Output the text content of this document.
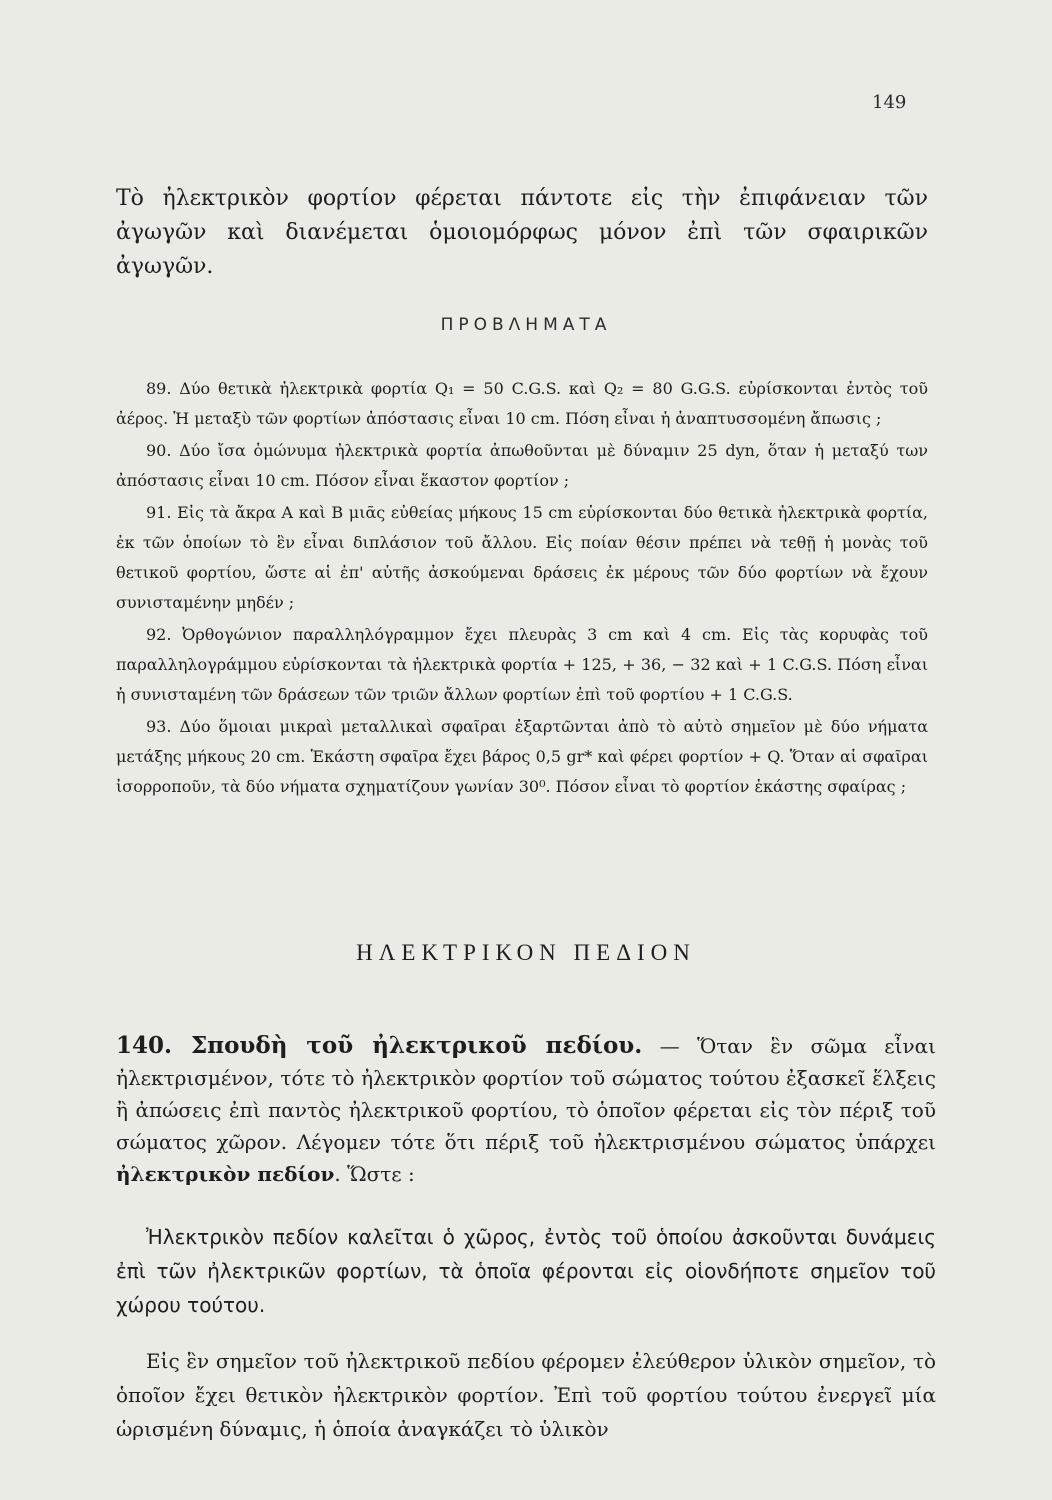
149

Τὸ ἠλεκτρικὸν φορτίον φέρεται πάντοτε εἰς τὴν ἐπιφάνειαν τῶν ἀγωγῶν καὶ διανέμεται ὁμοιομόρφως μόνον ἐπὶ τῶν σφαιρικῶν ἀγωγῶν.

ΠΡΟΒΛΗΜΑΤΑ

89. Δύο θετικὰ ἠλεκτρικὰ φορτία Q₁ = 50 C.G.S. καὶ Q₂ = 80 G.G.S. εὑρίσκονται ἐντὸς τοῦ ἀέρος. Ἡ μεταξὺ τῶν φορτίων ἀπόστασις εἶναι 10 cm. Πόση εἶναι ἡ ἀναπτυσσομένη ἄπωσις ;

90. Δύο ἴσα ὁμώνυμα ἠλεκτρικὰ φορτία ἀπωθοῦνται μὲ δύναμιν 25 dyn, ὅταν ἡ μεταξύ των ἀπόστασις εἶναι 10 cm. Πόσον εἶναι ἕκαστον φορτίον ;

91. Εἰς τὰ ἄκρα Α καὶ Β μιᾶς εὐθείας μήκους 15 cm εὑρίσκονται δύο θετικὰ ἠλεκτρικὰ φορτία, ἐκ τῶν ὁποίων τὸ ἓν εἶναι διπλάσιον τοῦ ἄλλου. Εἰς ποίαν θέσιν πρέπει νὰ τεθῇ ἡ μονὰς τοῦ θετικοῦ φορτίου, ὥστε αἱ ἐπ' αὐτῆς ἀσκούμεναι δράσεις ἐκ μέρους τῶν δύο φορτίων νὰ ἔχουν συνισταμένην μηδέν ;

92. Ὀρθογώνιον παραλληλόγραμμον ἔχει πλευρὰς 3 cm καὶ 4 cm. Εἰς τὰς κορυφὰς τοῦ παραλληλογράμμου εὑρίσκονται τὰ ἠλεκτρικὰ φορτία + 125, + 36, − 32 καὶ + 1 C.G.S. Πόση εἶναι ἡ συνισταμένη τῶν δράσεων τῶν τριῶν ἄλλων φορτίων ἐπὶ τοῦ φορτίου + 1 C.G.S.

93. Δύο ὅμοιαι μικραὶ μεταλλικαὶ σφαῖραι ἐξαρτῶνται ἀπὸ τὸ αὐτὸ σημεῖον μὲ δύο νήματα μετάξης μήκους 20 cm. Ἑκάστη σφαῖρα ἔχει βάρος 0,5 gr* καὶ φέρει φορτίον + Q. Ὅταν αἱ σφαῖραι ἰσορροποῦν, τὰ δύο νήματα σχηματίζουν γωνίαν 30⁰. Πόσον εἶναι τὸ φορτίον ἑκάστης σφαίρας ;

ΗΛΕΚΤΡΙΚΟΝ ΠΕΔΙΟΝ

140. Σπουδὴ τοῦ ἠλεκτρικοῦ πεδίου. — Ὅταν ἓν σῶμα εἶναι ἠλεκτρισμένον, τότε τὸ ἠλεκτρικὸν φορτίον τοῦ σώματος τούτου ἐξασκεῖ ἕλξεις ἢ ἀπώσεις ἐπὶ παντὸς ἠλεκτρικοῦ φορτίου, τὸ ὁποῖον φέρεται εἰς τὸν πέριξ τοῦ σώματος χῶρον. Λέγομεν τότε ὅτι πέριξ τοῦ ἠλεκτρισμένου σώματος ὑπάρχει ἠλεκτρικὸν πεδίον. Ὥστε :

Ἠλεκτρικὸν πεδίον καλεῖται ὁ χῶρος, ἐντὸς τοῦ ὁποίου ἀσκοῦνται δυνάμεις ἐπὶ τῶν ἠλεκτρικῶν φορτίων, τὰ ὁποῖα φέρονται εἰς οἱονδήποτε σημεῖον τοῦ χώρου τούτου.

Εἰς ἓν σημεῖον τοῦ ἠλεκτρικοῦ πεδίου φέρομεν ἐλεύθερον ὑλικὸν σημεῖον, τὸ ὁποῖον ἔχει θετικὸν ἠλεκτρικὸν φορτίον. Ἐπὶ τοῦ φορτίου τούτου ἐνεργεῖ μία ὡρισμένη δύναμις, ἡ ὁποία ἀναγκάζει τὸ ὑλικὸν
